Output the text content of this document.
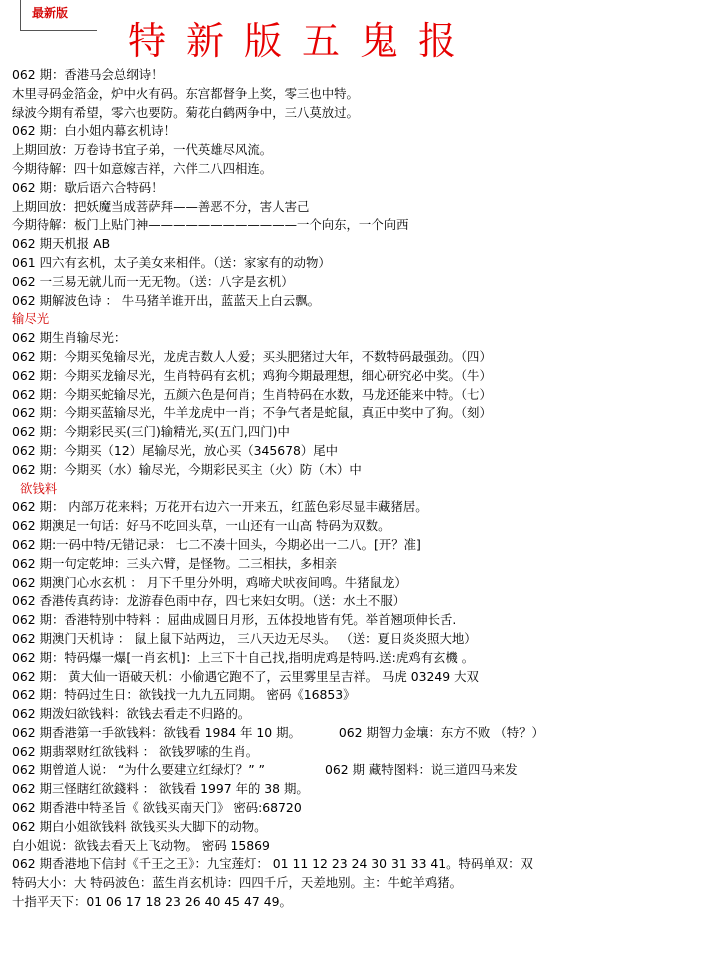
最新版
特新版五鬼报
062 期：香港马会总纲诗！
木里寻码金箔金，炉中火有码。东宫都督争上奖，零三也中特。
绿波今期有希望，零六也要防。菊花白鹤两争中，三八莫放过。
062 期：白小姐内幕玄机诗！
上期回放：万卷诗书宜子弟，一代英雄尽风流。
今期待解：四十如意嫁吉祥，六伴二八四相连。
062 期：歇后语六合特码！
上期回放：把妖魔当成菩萨拜——善恶不分，害人害己
今期待解：板门上贴门神————————————一个向东，一个向西
062 期天机报 AB
061 四六有玄机，太子美女来相伴。（送：家家有的动物）
062 一三易无就儿而一无无物。（送：八字是玄机）
062 期解波色诗 ： 牛马猪羊谁开出，蓝蓝天上白云飘。
输尽光
062 期生肖输尽光：
062 期：今期买兔输尽光，龙虎吉数人人爱；买头肥猪过大年，不数特码最强劲。（四）
062 期：今期买龙输尽光，生肖特码有玄机；鸡狗今期最理想，细心研究必中奖。（牛）
062 期：今期买蛇输尽光，五颜六色是何肖；生肖特码在水数，马龙还能来中特。（七）
062 期：今期买蓝输尽光，牛羊龙虎中一肖；不争气者是蛇鼠，真正中奖中了狗。（刻）
062 期：今期彩民买(三门)输精光,买(五门,四门)中
062 期：今期买（12）尾输尽光，放心买（345678）尾中
062 期：今期买（水）输尽光，今期彩民买主（火）防（木）中
欲钱料
062 期： 内部万花来料；万花开右边六一开来五，红蓝色彩尽显丰藏猪居。
062 期澳足一句话：好马不吃回头草，一山还有一山高 特码为双数。
062 期:一码中特/无错记录： 七二不凑十回头，今期必出一二八。[开？准]
062 期一句定乾坤：三头六臂，是怪物。二三相扶，多相亲
062 期澳门心水玄机 ： 月下千里分外明，鸡啼犬吠夜间鸣。牛猪鼠龙）
062 香港传真药诗：龙游春色雨中存，四七来妇女明。（送：水土不服）
062 期：香港特别中特料 ：屈曲成圆日月形，五体投地皆有凭。举首翘项伸长舌.
062 期澳门天机诗 ： 鼠上鼠下站两边， 三八天边无尽头。 （送：夏日炎炎照大地）
062 期：特码爆一爆[一肖玄机]：上三下十自己找,指明虎鸡是特吗.送:虎鸡有玄機 。
062 期： 黄大仙一语破天机：小偷遇它跑不了，云里雾里呈吉祥。 马虎 03249 大双
062 期：特码过生日：欲钱找一九九五同期。 密码《16853》
062 期泼妇欲钱料：欲钱去看走不归路的。
062 期香港第一手欲钱料：欲钱看 1984 年 10 期。	062 期智力金壤：东方不败 （特？）
062 期翡翠财红欲钱料 ： 欲钱罗嗦的生肖。
062 期曾道人说： “为什么要建立红绿灯？” ”	062 期 藏特图料：说三道四马来发
062 期三怪瞎红欲錢料 ： 欲钱看 1997 年的 38 期。
062 期香港中特圣旨《 欲钱买南天门》 密码:68720
062 期白小姐欲钱料 欲钱买头大脚下的动物。
白小姐说：欲钱去看天上飞动物。 密码 15869
062 期香港地下信封《千王之王》：九宝莲灯： 01 11 12 23 24 30 31 33 41。特码单双：双
特码大小：大 特码波色：蓝生肖玄机诗：四四千斤，天差地别。主：牛蛇羊鸡猪。
十指平天下：01 06 17 18 23 26 40 45 47 49。
